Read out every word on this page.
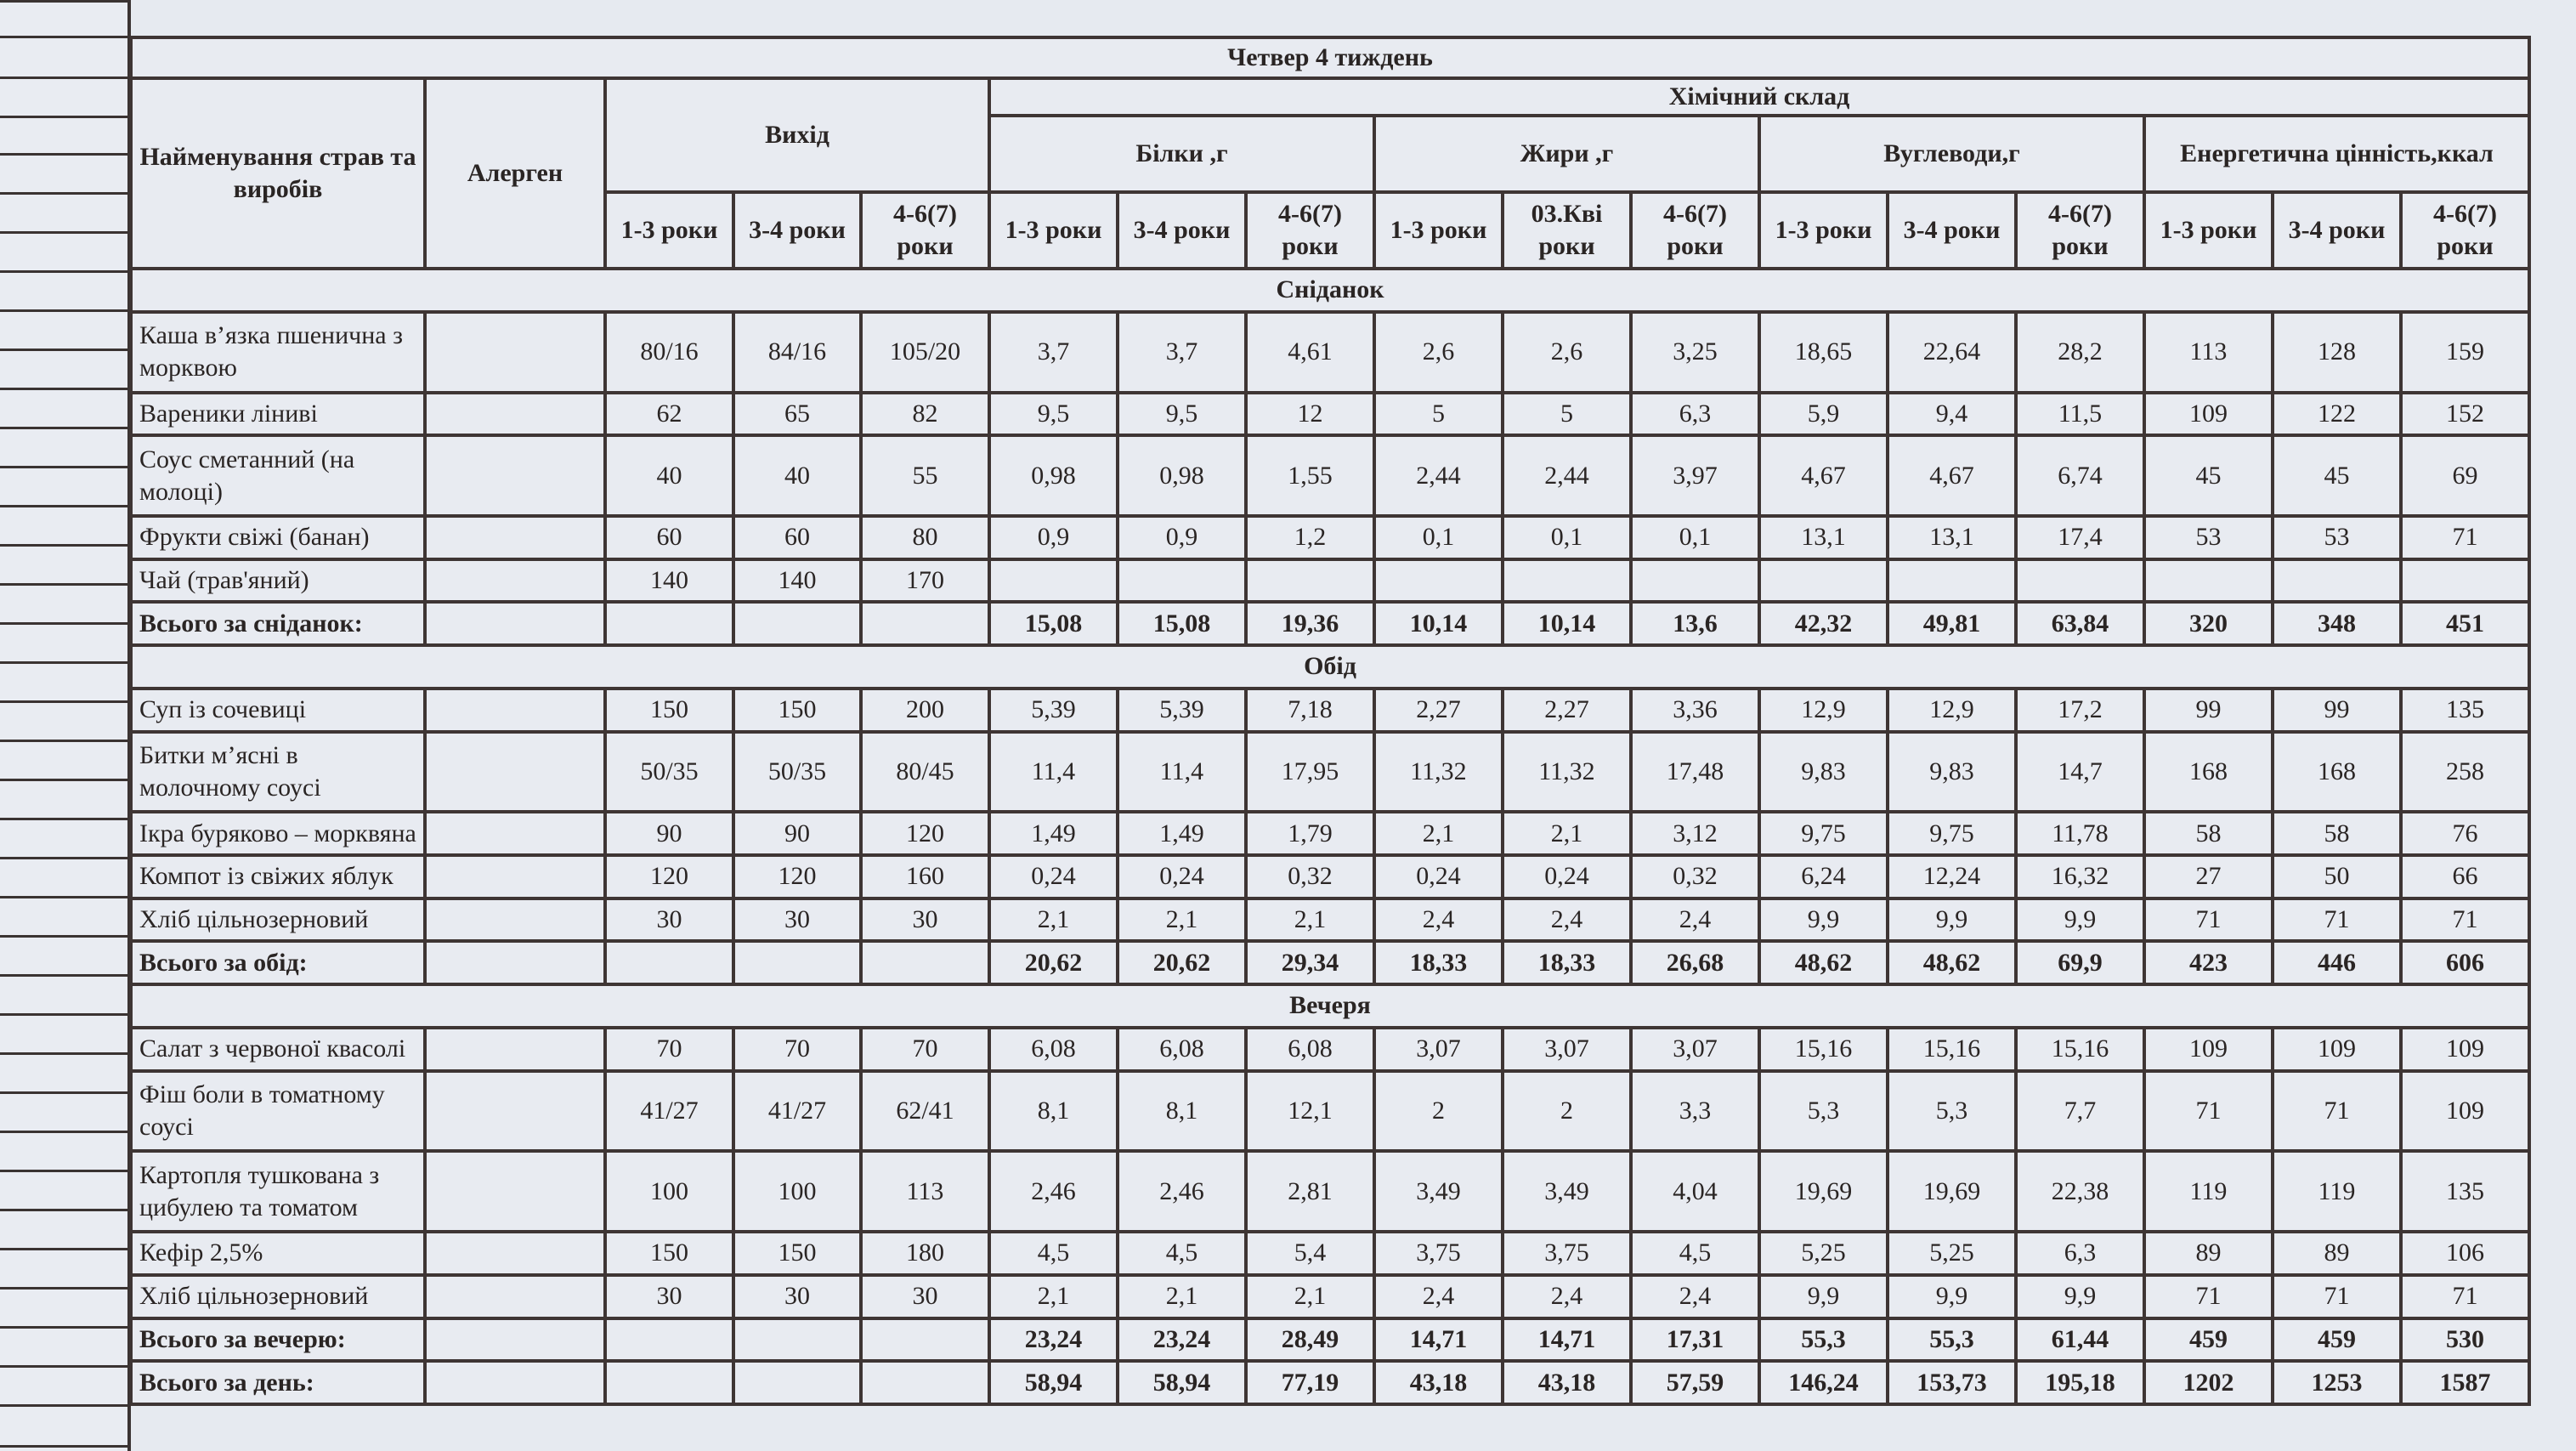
Четвер 4 тиждень																
Найменування страв та виробів	Алерген	Вихід			Хімічний склад											
					Білки ,г			Жири ,г			Вуглеводи,г			Енергетична цінність,ккал		
		1-3 роки	3-4 роки	4-6(7) роки	1-3 роки	3-4 роки	4-6(7) роки	1-3 роки	03.Кві роки	4-6(7) роки	1-3 роки	3-4 роки	4-6(7) роки	1-3 роки	3-4 роки	4-6(7) роки
Сніданок																
Каша в’язка пшенична з морквою		80/16	84/16	105/20	3,7	3,7	4,61	2,6	2,6	3,25	18,65	22,64	28,2	113	128	159
Вареники ліниві		62	65	82	9,5	9,5	12	5	5	6,3	5,9	9,4	11,5	109	122	152
Соус сметанний (на молоці)		40	40	55	0,98	0,98	1,55	2,44	2,44	3,97	4,67	4,67	6,74	45	45	69
Фрукти свіжі (банан)		60	60	80	0,9	0,9	1,2	0,1	0,1	0,1	13,1	13,1	17,4	53	53	71
Чай (трав'яний)		140	140	170												
Всього за сніданок:					15,08	15,08	19,36	10,14	10,14	13,6	42,32	49,81	63,84	320	348	451
Обід																
Суп із сочевиці		150	150	200	5,39	5,39	7,18	2,27	2,27	3,36	12,9	12,9	17,2	99	99	135
Битки м’ясні в молочному соусі		50/35	50/35	80/45	11,4	11,4	17,95	11,32	11,32	17,48	9,83	9,83	14,7	168	168	258
Ікра буряково – морквяна		90	90	120	1,49	1,49	1,79	2,1	2,1	3,12	9,75	9,75	11,78	58	58	76
Компот із свіжих яблук		120	120	160	0,24	0,24	0,32	0,24	0,24	0,32	6,24	12,24	16,32	27	50	66
Хліб цільнозерновий		30	30	30	2,1	2,1	2,1	2,4	2,4	2,4	9,9	9,9	9,9	71	71	71
Всього за обід:					20,62	20,62	29,34	18,33	18,33	26,68	48,62	48,62	69,9	423	446	606
Вечеря																
Салат з червоної квасолі		70	70	70	6,08	6,08	6,08	3,07	3,07	3,07	15,16	15,16	15,16	109	109	109
Фіш боли в томатному соусі		41/27	41/27	62/41	8,1	8,1	12,1	2	2	3,3	5,3	5,3	7,7	71	71	109
Картопля тушкована з цибулею та томатом		100	100	113	2,46	2,46	2,81	3,49	3,49	4,04	19,69	19,69	22,38	119	119	135
Кефір 2,5%		150	150	180	4,5	4,5	5,4	3,75	3,75	4,5	5,25	5,25	6,3	89	89	106
Хліб цільнозерновий		30	30	30	2,1	2,1	2,1	2,4	2,4	2,4	9,9	9,9	9,9	71	71	71
Всього за вечерю:					23,24	23,24	28,49	14,71	14,71	17,31	55,3	55,3	61,44	459	459	530
Всього за день:					58,94	58,94	77,19	43,18	43,18	57,59	146,24	153,73	195,18	1202	1253	1587
